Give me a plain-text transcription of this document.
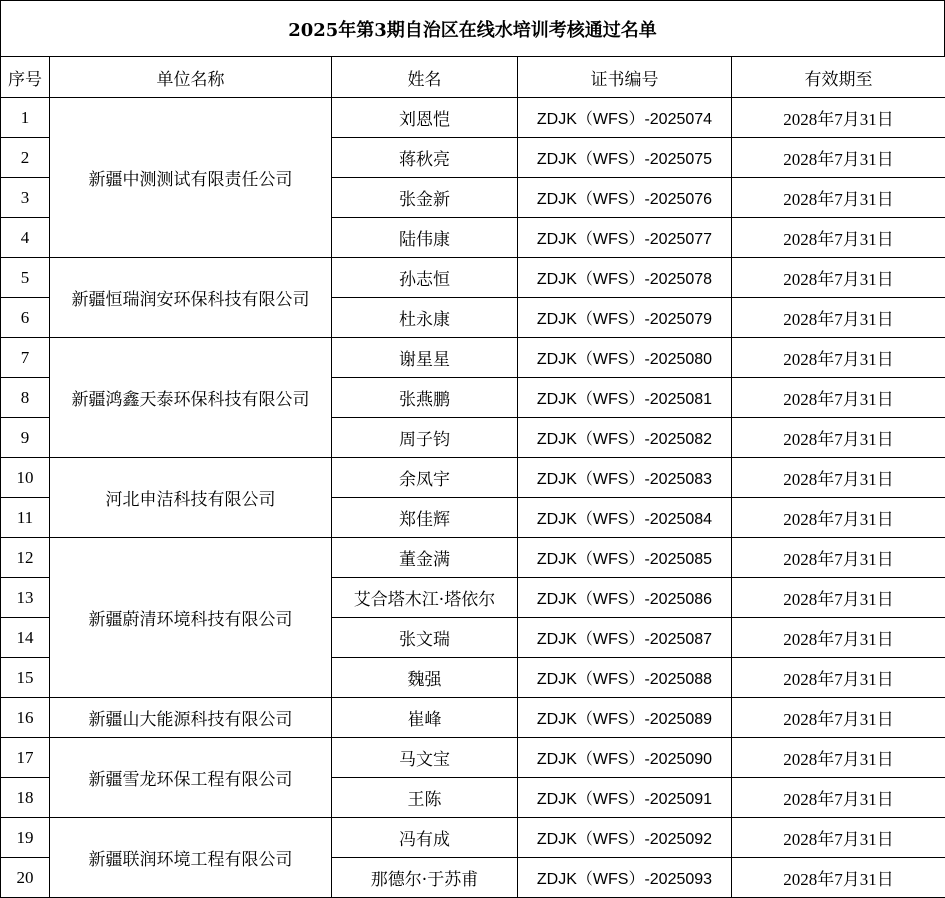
2025年第3期自治区在线水培训考核通过名单
序号	单位名称	姓名	证书编号	有效期至
1	新疆中测测试有限责任公司	刘恩恺	ZDJK（WFS）-2025074	2028年7月31日
2		蒋秋亮	ZDJK（WFS）-2025075	2028年7月31日
3		张金新	ZDJK（WFS）-2025076	2028年7月31日
4		陆伟康	ZDJK（WFS）-2025077	2028年7月31日
5	新疆恒瑞润安环保科技有限公司	孙志恒	ZDJK（WFS）-2025078	2028年7月31日
6		杜永康	ZDJK（WFS）-2025079	2028年7月31日
7	新疆鸿鑫天泰环保科技有限公司	谢星星	ZDJK（WFS）-2025080	2028年7月31日
8		张燕鹏	ZDJK（WFS）-2025081	2028年7月31日
9		周子钧	ZDJK（WFS）-2025082	2028年7月31日
10	河北申洁科技有限公司	余凤宇	ZDJK（WFS）-2025083	2028年7月31日
11		郑佳辉	ZDJK（WFS）-2025084	2028年7月31日
12	新疆蔚清环境科技有限公司	董金满	ZDJK（WFS）-2025085	2028年7月31日
13		艾合塔木江·塔依尔	ZDJK（WFS）-2025086	2028年7月31日
14		张文瑞	ZDJK（WFS）-2025087	2028年7月31日
15		魏强	ZDJK（WFS）-2025088	2028年7月31日
16	新疆山大能源科技有限公司	崔峰	ZDJK（WFS）-2025089	2028年7月31日
17	新疆雪龙环保工程有限公司	马文宝	ZDJK（WFS）-2025090	2028年7月31日
18		王陈	ZDJK（WFS）-2025091	2028年7月31日
19	新疆联润环境工程有限公司	冯有成	ZDJK（WFS）-2025092	2028年7月31日
20		那德尔·于苏甫	ZDJK（WFS）-2025093	2028年7月31日
